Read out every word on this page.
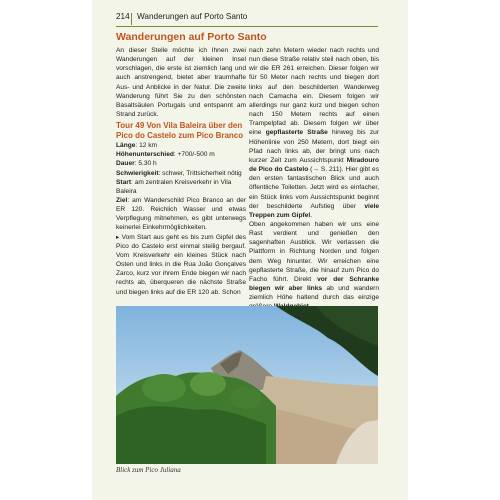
214 Wanderungen auf Porto Santo
Wanderungen auf Porto Santo

An dieser Stelle möchte ich Ihnen zwei Wanderungen auf der kleinen Insel vorschlagen, die erste ist ziemlich lang und auch anstrengend, bietet aber traumhafte Aus- und Anblicke in der Natur. Die zweite Wanderung führt Sie zu den schönsten Basaltsäulen Portugals und entspannt am Strand zurück.

Tour 49 Von Vila Baleira über den Pico do Castelo zum Pico Branco
Länge: 12 km
Höhenunterschied: +700/-500 m
Dauer: 5.30 h
Schwierigkeit: schwer, Trittsicherheit nötig
Start: am zentralen Kreisverkehr in Vila Baleira

Ziel: am Wanderschild Pico Branco an der ER 120. Reichlich Wasser und etwas Verpflegung mitnehmen, es gibt unterwegs keinerlei Einkehrmöglichkeiten.

▸ Vom Start aus geht es bis zum Gipfel des Pico do Castelo erst einmal steilig bergauf. Vom Kreisverkehr ein kleines Stück nach Osten und links in die Rua João Gonçalves Zarco, kurz vor ihrem Ende biegen wir nach rechts ab, überqueren die nächste Straße und biegen links auf die ER 120 ab. Schon

nach zehn Metern wieder nach rechts und nun diese Straße relativ steil nach oben, bis wir die ER 261 erreichen. Dieser folgen wir für 50 Meter nach rechts und biegen dort links auf den beschilderten Wanderweg nach Camacha ein. Diesem folgen wir allerdings nur ganz kurz und biegen schon nach 150 Metern rechts auf einen Trampelpfad ab. Diesem folgen wir über eine gepflasterte Straße hinweg bis zur Höhenlinie von 250 Metern, dort biegt ein Pfad nach links ab, der bringt uns nach kurzer Zeit zum Aussichtspunkt Miradouro de Pico do Castelo (→ S. 211). Hier gibt es den ersten fantastischen Blick und auch öffentliche Toiletten. Jetzt wird es einfacher, ein Stück links vom Aussichtspunkt beginnt der beschilderte Aufstieg über viele Treppen zum Gipfel.

Oben angekommen haben wir uns eine Rast verdient und genießen den sagenhaften Ausblick. Wir verlassen die Plattform in Richtung Norden und folgen dem Weg hinunter. Wir erreichen eine gepflasterte Straße, die hinauf zum Pico do Facho führt. Direkt vor der Schranke biegen wir aber links ab und wandern ziemlich Höhe haltend durch das einzige

Blick zum Pico Juliana
